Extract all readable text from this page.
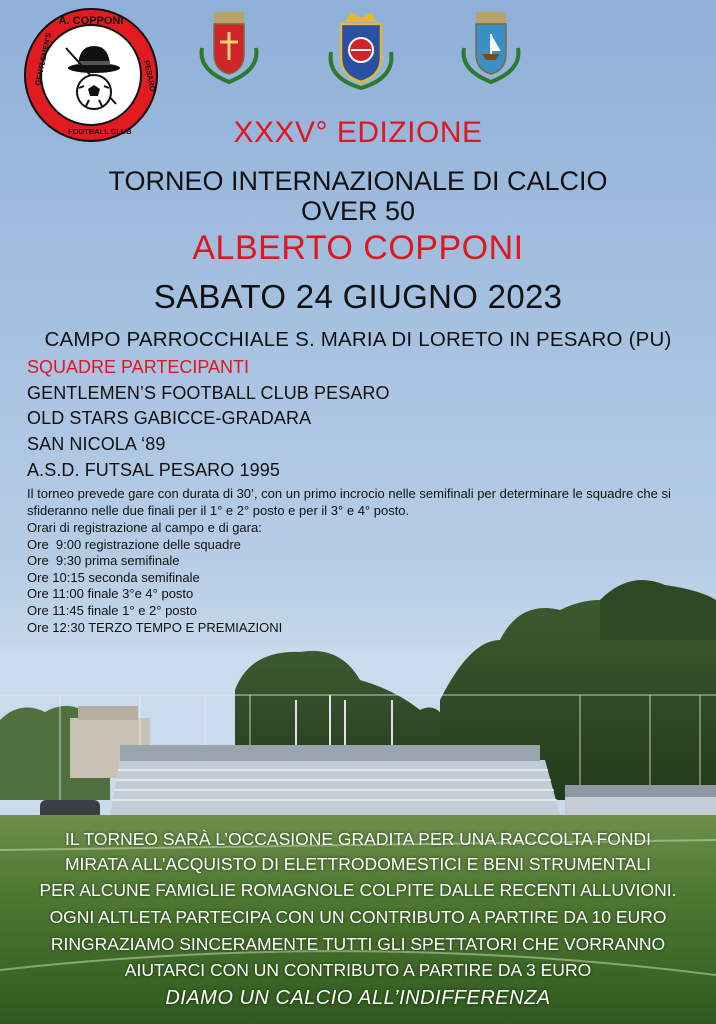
A. COPPONI
GENTLEMEN'S
FOOTBALL CLUB
PESARO

XXXV° EDIZIONE

TORNEO INTERNAZIONALE DI CALCIO
OVER 50

ALBERTO COPPONI

SABATO 24 GIUGNO 2023

CAMPO PARROCCHIALE S. MARIA DI LORETO IN PESARO (PU)

SQUADRE PARTECIPANTI

GENTLEMEN’S FOOTBALL CLUB PESARO

OLD STARS GABICCE-GRADARA

SAN NICOLA ‘89

A.S.D. FUTSAL PESARO 1995

Il torneo prevede gare con durata di 30’, con un primo incrocio nelle semifinali per determinare le squadre che si sfideranno nelle due finali per il 1° e 2° posto e per il 3° e 4° posto.

Orari di registrazione al campo e di gara:
Ore  9:00 registrazione delle squadre
Ore  9:30 prima semifinale
Ore 10:15 seconda semifinale
Ore 11:00 finale 3°e 4° posto
Ore 11:45 finale 1° e 2° posto
Ore 12:30 TERZO TEMPO E PREMIAZIONI

IL TORNEO SARÀ L’OCCASIONE GRADITA PER UNA RACCOLTA FONDI

MIRATA ALL’ACQUISTO DI ELETTRODOMESTICI E BENI STRUMENTALI

PER ALCUNE FAMIGLIE ROMAGNOLE COLPITE DALLE RECENTI ALLUVIONI.

OGNI ALTLETA PARTECIPA CON UN CONTRIBUTO A PARTIRE DA 10 EURO

RINGRAZIAMO SINCERAMENTE TUTTI GLI SPETTATORI CHE VORRANNO

AIUTARCI CON UN CONTRIBUTO A PARTIRE DA 3 EURO

DIAMO UN CALCIO ALL’INDIFFERENZA
